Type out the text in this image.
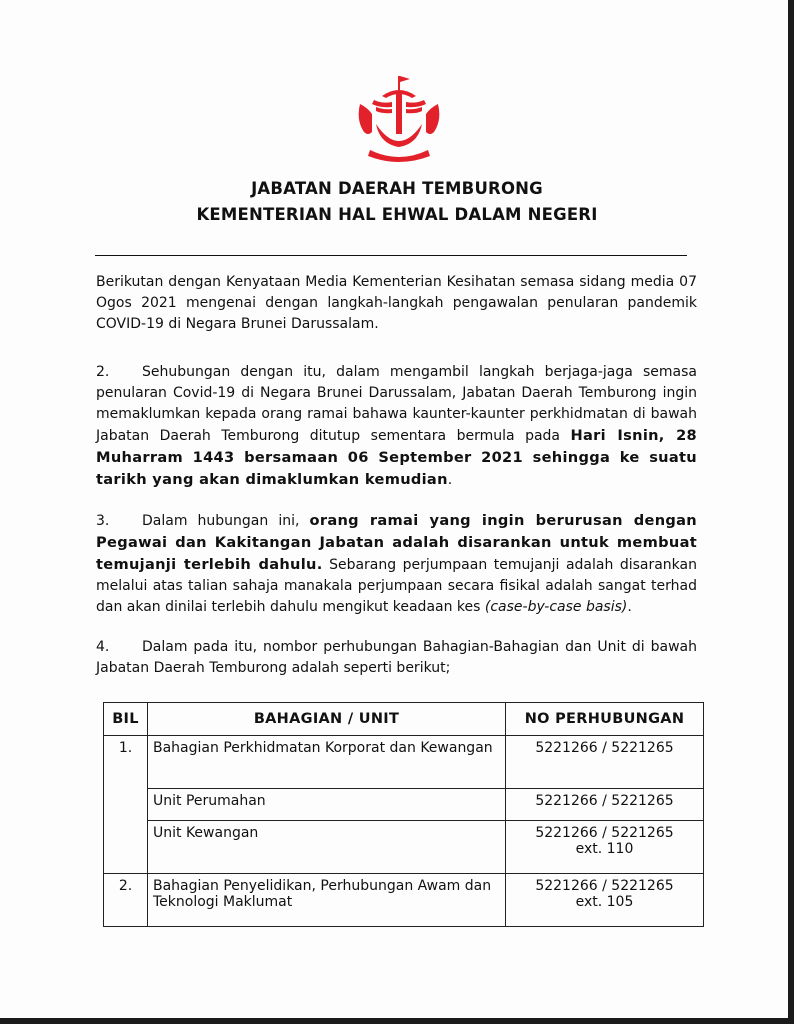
JABATAN DAERAH TEMBURONG
KEMENTERIAN HAL EHWAL DALAM NEGERI
Berikutan dengan Kenyataan Media Kementerian Kesihatan semasa sidang media 07 Ogos 2021 mengenai dengan langkah-langkah pengawalan penularan pandemik COVID-19 di Negara Brunei Darussalam.
2. Sehubungan dengan itu, dalam mengambil langkah berjaga-jaga semasa penularan Covid-19 di Negara Brunei Darussalam, Jabatan Daerah Temburong ingin memaklumkan kepada orang ramai bahawa kaunter-kaunter perkhidmatan di bawah Jabatan Daerah Temburong ditutup sementara bermula pada Hari Isnin, 28 Muharram 1443 bersamaan 06 September 2021 sehingga ke suatu tarikh yang akan dimaklumkan kemudian.
3. Dalam hubungan ini, orang ramai yang ingin berurusan dengan Pegawai dan Kakitangan Jabatan adalah disarankan untuk membuat temujanji terlebih dahulu. Sebarang perjumpaan temujanji adalah disarankan melalui atas talian sahaja manakala perjumpaan secara fisikal adalah sangat terhad dan akan dinilai terlebih dahulu mengikut keadaan kes (case-by-case basis).
4. Dalam pada itu, nombor perhubungan Bahagian-Bahagian dan Unit di bawah Jabatan Daerah Temburong adalah seperti berikut;
BIL	BAHAGIAN / UNIT	NO PERHUBUNGAN
1.	Bahagian Perkhidmatan Korporat dan Kewangan	5221266 / 5221265

	Unit Perumahan	5221266 / 5221265

	Unit Kewangan	5221266 / 5221265
ext. 110

2.	Bahagian Penyelidikan, Perhubungan Awam dan Teknologi Maklumat	5221266 / 5221265
ext. 105
